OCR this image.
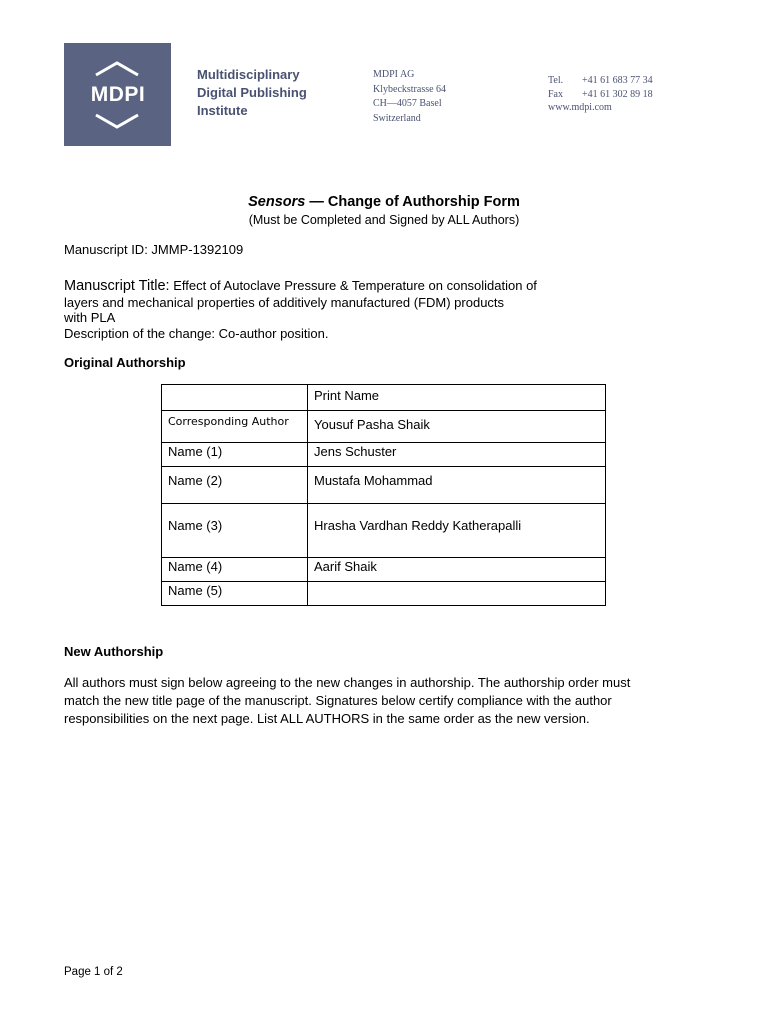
MDPI
Multidisciplinary
Digital Publishing
Institute
MDPI AG
Klybeckstrasse 64
CH—4057 Basel
Switzerland
Tel. +41 61 683 77 34
Fax +41 61 302 89 18
www.mdpi.com
Sensors — Change of Authorship Form
(Must be Completed and Signed by ALL Authors)
Manuscript ID: JMMP-1392109
Manuscript Title: Effect of Autoclave Pressure & Temperature on consolidation of
layers and mechanical properties of additively manufactured (FDM) products
with PLA
Description of the change: Co-author position.
Original Authorship
	Print Name
Corresponding Author	Yousuf Pasha Shaik
Name (1)	Jens Schuster
Name (2)	Mustafa Mohammad
Name (3)	Hrasha Vardhan Reddy Katherapalli
Name (4)	Aarif Shaik
Name (5)	
New Authorship
All authors must sign below agreeing to the new changes in authorship. The authorship order must
match the new title page of the manuscript. Signatures below certify compliance with the author
responsibilities on the next page. List ALL AUTHORS in the same order as the new version.
Page 1 of 2
